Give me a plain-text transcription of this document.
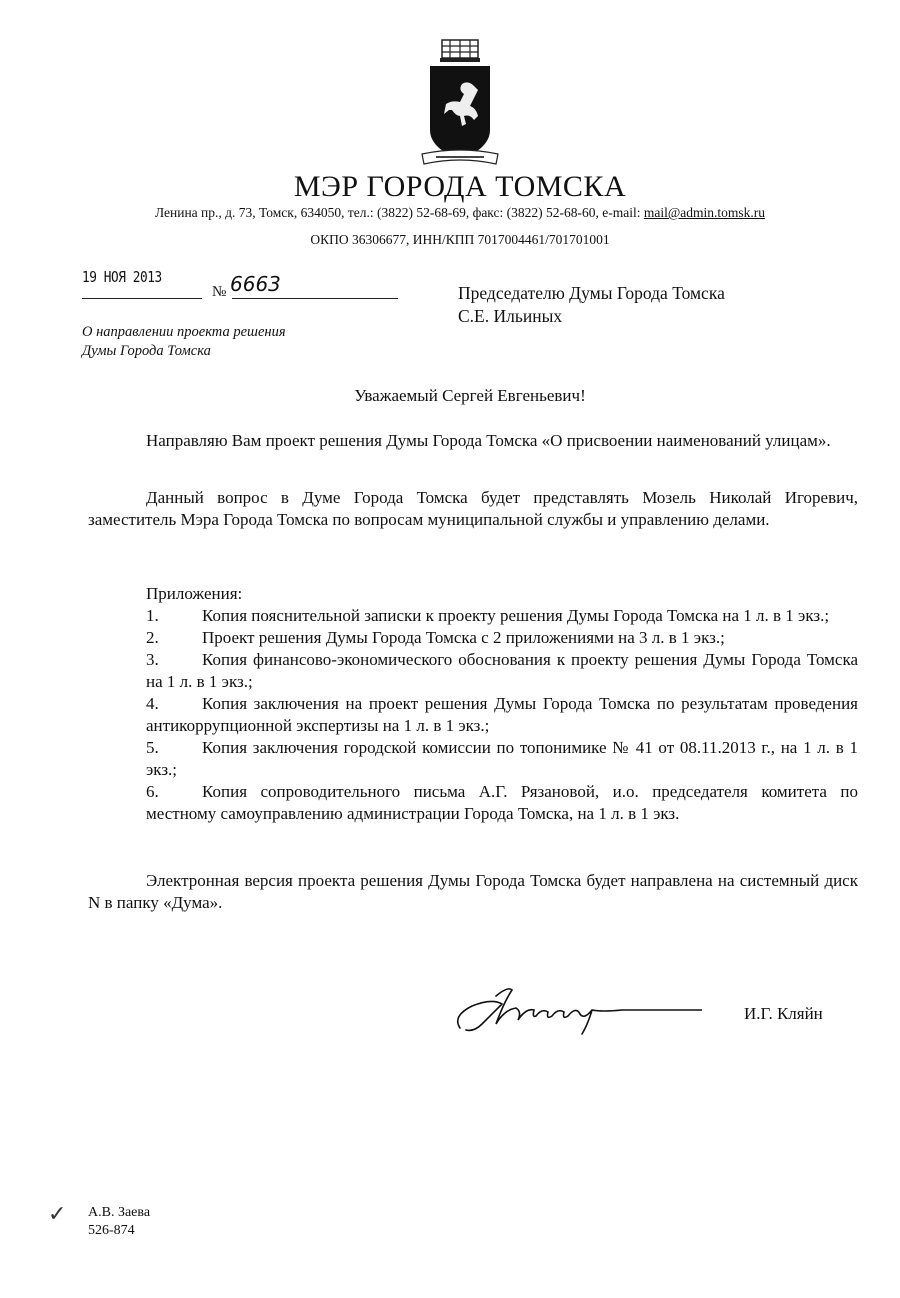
МЭР ГОРОДА ТОМСКА
Ленина пр., д. 73, Томск, 634050, тел.: (3822) 52-68-69, факс: (3822) 52-68-60, e-mail: mail@admin.tomsk.ru
ОКПО 36306677, ИНН/КПП 7017004461/701701001
19 НОЯ 2013
№ 6663
О направлении проекта решения
Думы Города Томска
Председателю Думы Города Томска
С.Е. Ильиных
Уважаемый Сергей Евгеньевич!
Направляю Вам проект решения Думы Города Томска «О присвоении наименований улицам».
Данный вопрос в Думе Города Томска будет представлять Мозель Николай Игоревич, заместитель Мэра Города Томска по вопросам муниципальной службы и управлению делами.
Приложения:
1.	Копия пояснительной записки к проекту решения Думы Города Томска на 1 л. в 1 экз.;
2.	Проект решения Думы Города Томска с 2 приложениями на 3 л. в 1 экз.;
3.	Копия финансово-экономического обоснования к проекту решения Думы Города Томска на 1 л. в 1 экз.;
4.	Копия заключения на проект решения Думы Города Томска по результатам проведения антикоррупционной экспертизы на 1 л. в 1 экз.;
5.	Копия заключения городской комиссии по топонимике № 41 от 08.11.2013 г., на 1 л. в 1 экз.;
6.	Копия сопроводительного письма А.Г. Рязановой, и.о. председателя комитета по местному самоуправлению администрации Города Томска, на 1 л. в 1 экз.
Электронная версия проекта решения Думы Города Томска будет направлена на системный диск N в папку «Дума».
И.Г. Кляйн
✓ А.В. Заева
526-874
